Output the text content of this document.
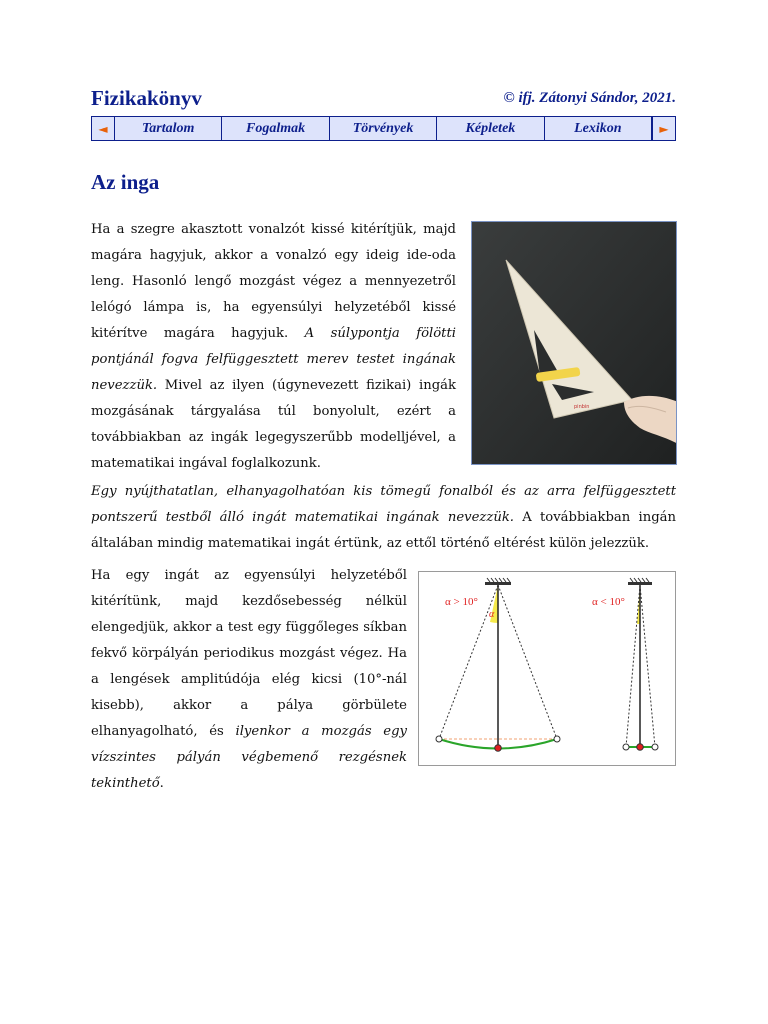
Fizikakönyv	© ifj. Zátonyi Sándor, 2021.
◄	Tartalom	Fogalmak	Törvények	Képletek	Lexikon	►
Az inga

Ha a szegre akasztott vonalzót kissé kitérítjük, majd magára hagyjuk, akkor a vonalzó egy ideig ide-oda leng. Hasonló lengő mozgást végez a mennyezetről lelógó lámpa is, ha egyensúlyi helyzetéből kissé kitérítve magára hagyjuk. A súlypontja fölötti pontjánál fogva felfüggesztett merev testet ingának nevezzük. Mivel az ilyen (úgynevezett fizikai) ingák mozgásának tárgyalása túl bonyolult, ezért a továbbiakban az ingák legegyszerűbb modelljével, a matematikai ingával foglalkozunk.

pinbin

Egy nyújthatatlan, elhanyagolhatóan kis tömegű fonalból és az arra felfüggesztett pontszerű testből álló ingát matematikai ingának nevezzük. A továbbiakban ingán általában mindig matematikai ingát értünk, az ettől történő eltérést külön jelezzük.

Ha egy ingát az egyensúlyi helyzetéből kitérítünk, majd kezdősebesség nélkül elengedjük, akkor a test egy függőleges síkban fekvő körpályán periodikus mozgást végez. Ha a lengések amplitúdója elég kicsi (10°-nál kisebb), akkor a pálya görbülete elhanyagolható, és ilyenkor a mozgás egy vízszintes pályán végbemenő rezgésnek tekinthető.

α > 10°
α
α < 10°
